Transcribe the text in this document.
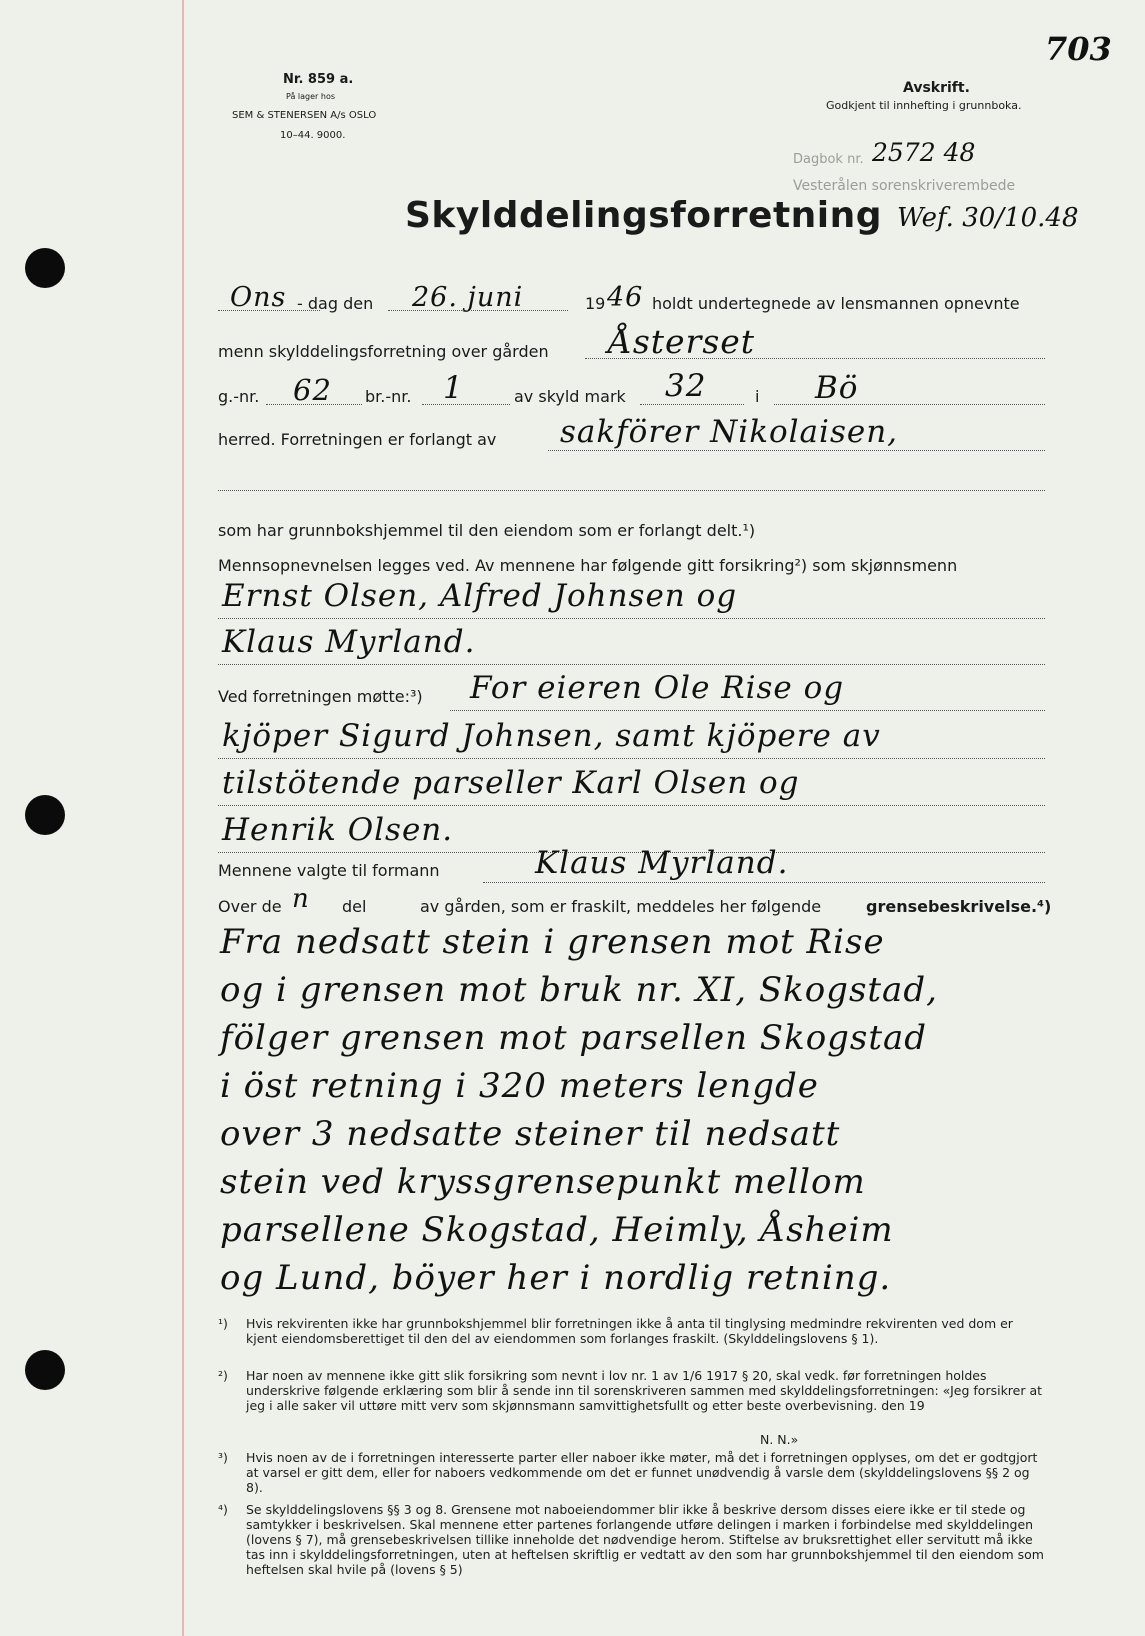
Nr. 859 a.
På lager hos
SEM & STENERSEN A/s OSLO
10–44. 9000.
Avskrift.
Godkjent til innhefting i grunnboka.
703
Dagbok nr. 2572 48
Vesterålen sorenskriverembede
Wef. 30/10.48
Skylddelingsforretning
Ons - dag den 26. juni	19 46 holdt undertegnede av lensmannen opnevnte
menn skylddelingsforretning over gården Åsterset
g.-nr. 62 br.-nr. 1	av skyld mark 32	i Bö
herred. Forretningen er forlangt av sakförer Nikolaisen,
som har grunnbokshjemmel til den eiendom som er forlangt delt.¹)
Mennsopnevnelsen legges ved. Av mennene har følgende gitt forsikring²) som skjønnsmenn
Ernst Olsen, Alfred Johnsen og
Klaus Myrland.
Ved forretningen møtte:³) For eieren Ole Rise og
kjöper Sigurd Johnsen, samt kjöpere av
tilstötende parseller Karl Olsen og
Henrik Olsen.
Mennene valgte til formann	Klaus Myrland.
Over de n del	av gården, som er fraskilt, meddeles her følgende	grensebeskrivelse.⁴)
Fra nedsatt stein i grensen mot Rise
og i grensen mot bruk nr. XI, Skogstad,
fölger grensen mot parsellen Skogstad
i öst retning i 320 meters lengde
over 3 nedsatte steiner til nedsatt
stein ved kryssgrensepunkt mellom
parsellene Skogstad, Heimly, Åsheim
og Lund, böyer her i nordlig retning.
¹) Hvis rekvirenten ikke har grunnbokshjemmel blir forretningen ikke å anta til tinglysing medmindre rekvirenten ved dom er kjent eiendomsberettiget til den del av eiendommen som forlanges fraskilt. (Skylddelingslovens § 1).
²) Har noen av mennene ikke gitt slik forsikring som nevnt i lov nr. 1 av 1/6 1917 § 20, skal vedk. før forretningen holdes underskrive følgende erklæring som blir å sende inn til sorenskriveren sammen med skylddelingsforretningen: «Jeg forsikrer at jeg i alle saker vil uttøre mitt verv som skjønnsmann samvittighetsfullt og etter beste overbevisning. den 19
N. N.»
³) Hvis noen av de i forretningen interesserte parter eller naboer ikke møter, må det i forretningen opplyses, om det er godtgjort at varsel er gitt dem, eller for naboers vedkommende om det er funnet unødvendig å varsle dem (skylddelingslovens §§ 2 og 8).
⁴) Se skylddelingslovens §§ 3 og 8. Grensene mot naboeiendommer blir ikke å beskrive dersom disses eiere ikke er til stede og samtykker i beskrivelsen. Skal mennene etter partenes forlangende utføre delingen i marken i forbindelse med skylddelingen (lovens § 7), må grensebeskrivelsen tillike inneholde det nødvendige herom. Stiftelse av bruksrettighet eller servitutt må ikke tas inn i skylddelingsforretningen, uten at heftelsen skriftlig er vedtatt av den som har grunnbokshjemmel til den eiendom som heftelsen skal hvile på (lovens § 5)
